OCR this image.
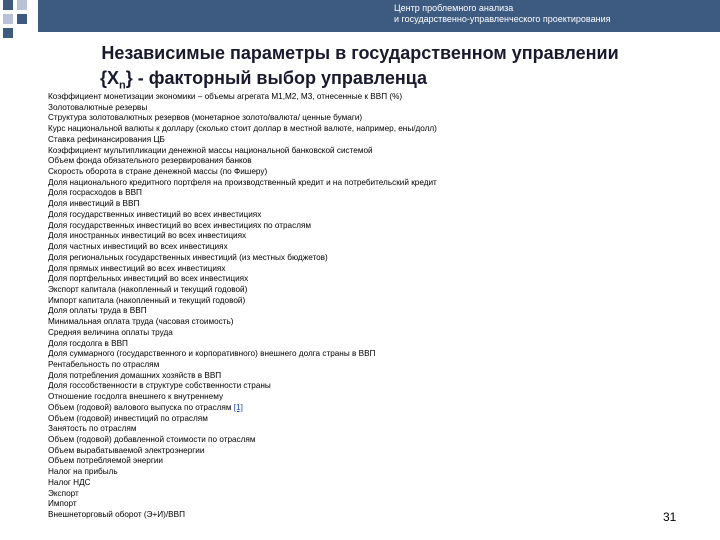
Центр проблемного анализа
и государственно-управленческого проектирования
Независимые параметры в государственном управлении
$\{X_n\}$ - факторный выбор управленца
Коэффициент монетизации экономики – объемы агрегата М1,М2, М3, отнесенные к ВВП (%)
Золотовалютные резервы
Структура золотовалютных резервов (монетарное золото/валюта/ ценные бумаги)
Курс национальной валюты к доллару (сколько стоит доллар в местной валюте, например, ены/долл)
Ставка рефинансирования ЦБ
Коэффициент мультипликации денежной массы национальной банковской системой
Объем фонда обязательного резервирования банков
Скорость оборота в стране денежной массы (по Фишеру)
Доля национального кредитного портфеля на производственный кредит и на потребительский кредит
Доля госрасходов в ВВП
Доля инвестиций в ВВП
Доля государственных инвестиций во всех инвестициях
Доля государственных инвестиций во всех инвестициях по отраслям
Доля иностранных инвестиций во всех инвестициях
Доля частных инвестиций во всех инвестициях
Доля региональных государственных инвестиций (из местных бюджетов)
Доля прямых инвестиций во всех инвестициях
Доля портфельных инвестиций во всех инвестициях
Экспорт капитала (накопленный и текущий годовой)
Импорт капитала (накопленный и текущий годовой)
Доля оплаты труда в ВВП
Минимальная оплата труда (часовая стоимость)
Средняя величина оплаты труда
Доля госдолга в ВВП
Доля суммарного (государственного и корпоративного) внешнего долга страны в ВВП
Рентабельность по отраслям
Доля потребления домашних хозяйств в ВВП
Доля госсобственности в структуре собственности страны
Отношение госдолга внешнего к внутреннему
Объем (годовой) валового выпуска по отраслям [1]
Объем (годовой) инвестиций по отраслям
Занятость по отраслям
Объем (годовой) добавленной стоимости по отраслям
Объем вырабатываемой электроэнергии
Объем потребляемой энергии
Налог на прибыль
Налог НДС
Экспорт
Импорт
Внешнеторговый оборот (Э+И)/ВВП	31
